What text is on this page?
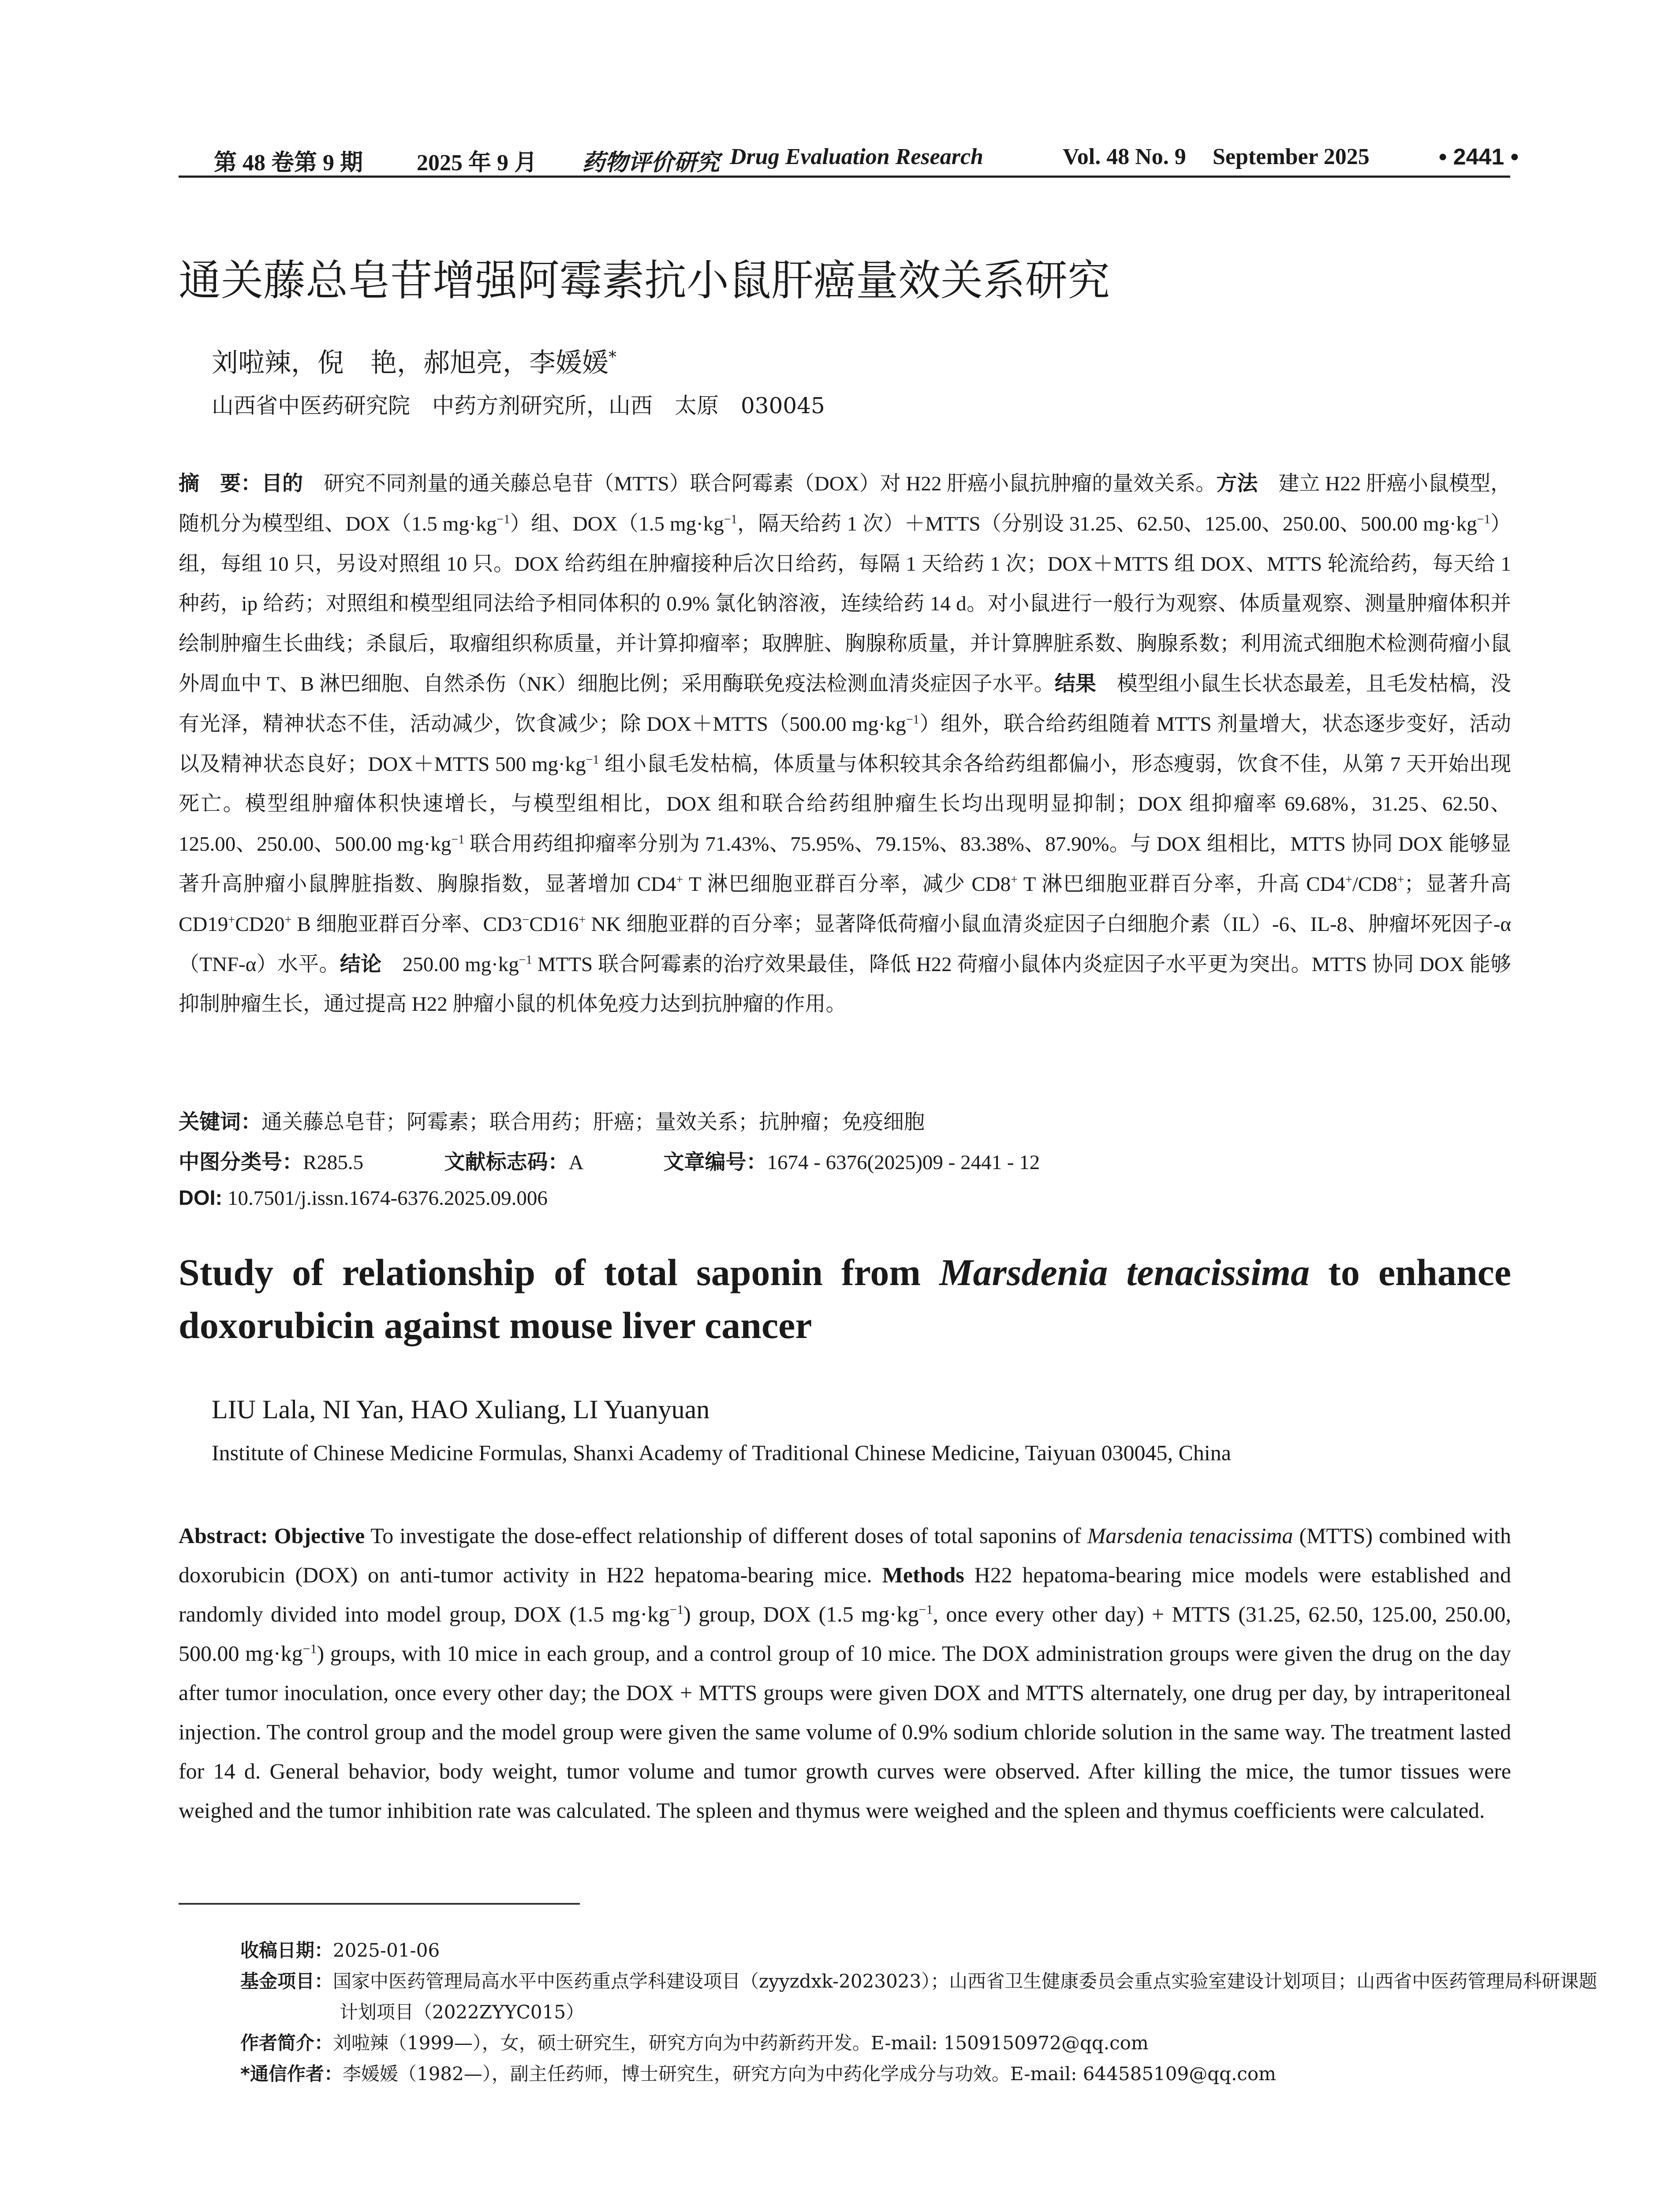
第 48 卷第 9 期 2025 年 9 月 药物评价研究 Drug Evaluation Research	Vol. 48 No. 9 September 2025	• 2441 •
通关藤总皂苷增强阿霉素抗小鼠肝癌量效关系研究
刘啦辣，倪　艳，郝旭亮，李媛媛*
山西省中医药研究院　中药方剂研究所，山西　太原　030045
摘　要：目的　研究不同剂量的通关藤总皂苷（MTTS）联合阿霉素（DOX）对 H22 肝癌小鼠抗肿瘤的量效关系。方法　建立 H22 肝癌小鼠模型，随机分为模型组、DOX（1.5 $mg\cdot kg^{-1}$）组、DOX（1.5 $mg\cdot kg^{-1}$，隔天给药 1 次）＋MTTS（分别设 31.25、62.50、125.00、250.00、500.00 $mg\cdot kg^{-1}$）组，每组 10 只，另设对照组 10 只。DOX 给药组在肿瘤接种后次日给药，每隔 1 天给药 1 次；DOX＋MTTS 组 DOX、MTTS 轮流给药，每天给 1 种药，ip 给药；对照组和模型组同法给予相同体积的 0.9% 氯化钠溶液，连续给药 14 d。对小鼠进行一般行为观察、体质量观察、测量肿瘤体积并绘制肿瘤生长曲线；杀鼠后，取瘤组织称质量，并计算抑瘤率；取脾脏、胸腺称质量，并计算脾脏系数、胸腺系数；利用流式细胞术检测荷瘤小鼠外周血中 T、B 淋巴细胞、自然杀伤（NK）细胞比例；采用酶联免疫法检测血清炎症因子水平。结果　模型组小鼠生长状态最差，且毛发枯槁，没有光泽，精神状态不佳，活动减少，饮食减少；除 DOX＋MTTS（500.00 $mg\cdot kg^{-1}$）组外，联合给药组随着 MTTS 剂量增大，状态逐步变好，活动以及精神状态良好；DOX＋MTTS 500 $mg\cdot kg^{-1}$ 组小鼠毛发枯槁，体质量与体积较其余各给药组都偏小，形态瘦弱，饮食不佳，从第 7 天开始出现死亡。模型组肿瘤体积快速增长，与模型组相比，DOX 组和联合给药组肿瘤生长均出现明显抑制；DOX 组抑瘤率 69.68%，31.25、62.50、125.00、250.00、500.00 $mg\cdot kg^{-1}$ 联合用药组抑瘤率分别为 71.43%、75.95%、79.15%、83.38%、87.90%。与 DOX 组相比，MTTS 协同 DOX 能够显著升高肿瘤小鼠脾脏指数、胸腺指数，显著增加 CD4+ T 淋巴细胞亚群百分率，减少 CD8+ T 淋巴细胞亚群百分率，升高 CD4+/CD8+；显著升高 CD19+CD20+ B 细胞亚群百分率、CD3−CD16+ NK 细胞亚群的百分率；显著降低荷瘤小鼠血清炎症因子白细胞介素（IL）-6、IL-8、肿瘤坏死因子-α（TNF-α）水平。结论　250.00 $mg\cdot kg^{-1}$ MTTS 联合阿霉素的治疗效果最佳，降低 H22 荷瘤小鼠体内炎症因子水平更为突出。MTTS 协同 DOX 能够抑制肿瘤生长，通过提高 H22 肿瘤小鼠的机体免疫力达到抗肿瘤的作用。
关键词：通关藤总皂苷；阿霉素；联合用药；肝癌；量效关系；抗肿瘤；免疫细胞
中图分类号：R285.5	文献标志码：A	文章编号：1674 - 6376(2025)09 - 2441 - 12
DOI: 10.7501/j.issn.1674-6376.2025.09.006
Study of relationship of total saponin from Marsdenia tenacissima to enhance doxorubicin against mouse liver cancer
LIU Lala, NI Yan, HAO Xuliang, LI Yuanyuan
Institute of Chinese Medicine Formulas, Shanxi Academy of Traditional Chinese Medicine, Taiyuan 030045, China
Abstract: Objective To investigate the dose-effect relationship of different doses of total saponins of Marsdenia tenacissima (MTTS) combined with doxorubicin (DOX) on anti-tumor activity in H22 hepatoma-bearing mice. Methods H22 hepatoma-bearing mice models were established and randomly divided into model group, DOX (1.5 $mg\cdot kg^{-1}$) group, DOX (1.5 $mg\cdot kg^{-1}$, once every other day) + MTTS (31.25, 62.50, 125.00, 250.00, 500.00 $mg\cdot kg^{-1}$) groups, with 10 mice in each group, and a control group of 10 mice. The DOX administration groups were given the drug on the day after tumor inoculation, once every other day; the DOX + MTTS groups were given DOX and MTTS alternately, one drug per day, by intraperitoneal injection. The control group and the model group were given the same volume of 0.9% sodium chloride solution in the same way. The treatment lasted for 14 d. General behavior, body weight, tumor volume and tumor growth curves were observed. After killing the mice, the tumor tissues were weighed and the tumor inhibition rate was calculated. The spleen and thymus were weighed and the spleen and thymus coefficients were calculated.
收稿日期：2025-01-06
基金项目：国家中医药管理局高水平中医药重点学科建设项目（zyyzdxk-2023023）；山西省卫生健康委员会重点实验室建设计划项目；山西省中医药管理局科研课题计划项目（2022ZYYC015）
作者简介：刘啦辣（1999—），女，硕士研究生，研究方向为中药新药开发。E-mail: 1509150972@qq.com
*通信作者：李媛媛（1982—），副主任药师，博士研究生，研究方向为中药化学成分与功效。E-mail: 644585109@qq.com
